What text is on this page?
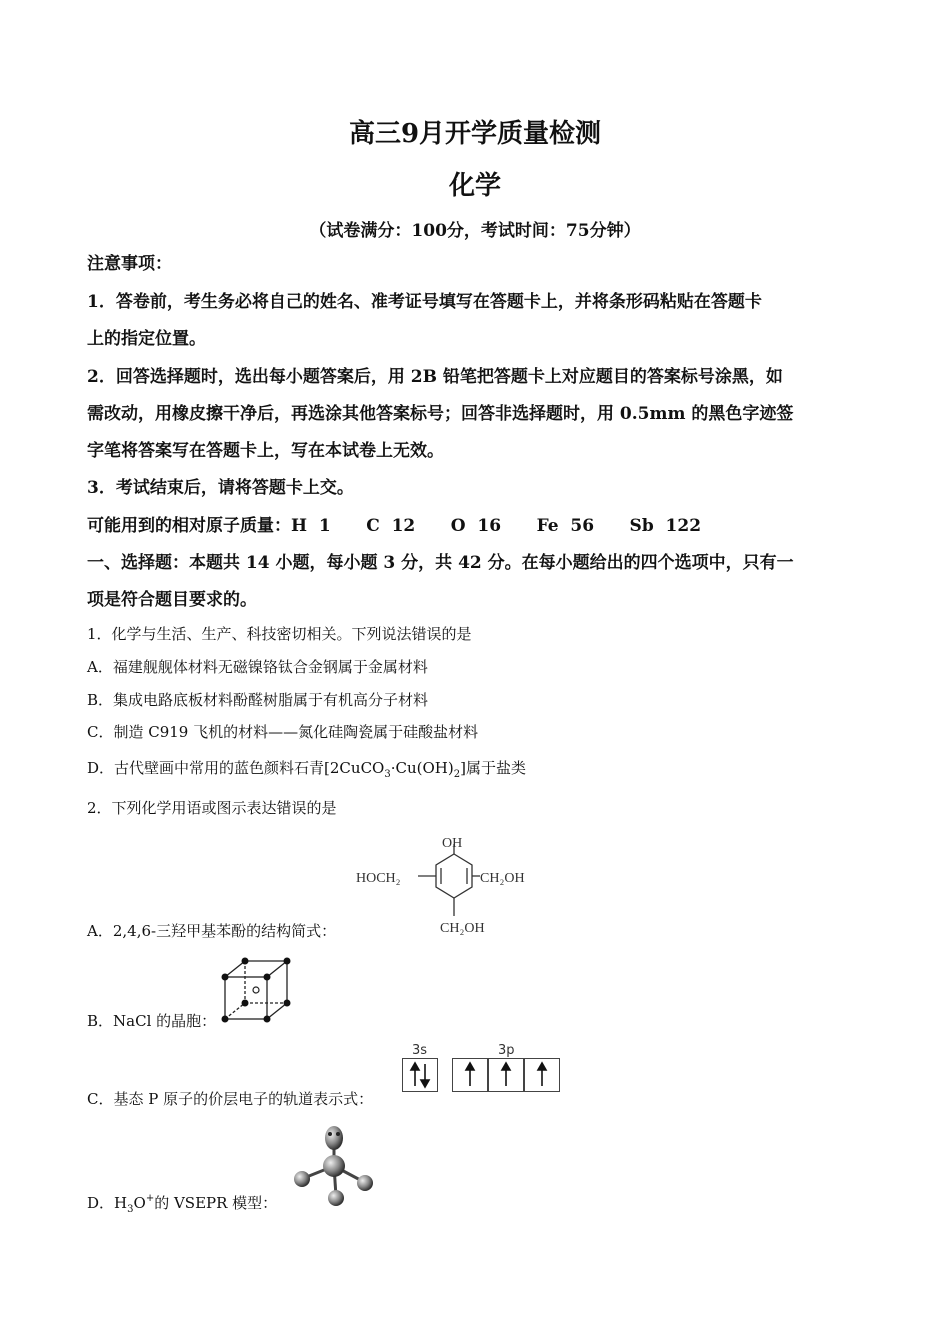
高三9月开学质量检测
化学
（试卷满分：100分，考试时间：75分钟）
注意事项：
1．答卷前，考生务必将自己的姓名、准考证号填写在答题卡上，并将条形码粘贴在答题卡
上的指定位置。
2．回答选择题时，选出每小题答案后，用 2B 铅笔把答题卡上对应题目的答案标号涂黑，如
需改动，用橡皮擦干净后，再选涂其他答案标号；回答非选择题时，用 0.5mm 的黑色字迹签
字笔将答案写在答题卡上，写在本试卷上无效。
3．考试结束后，请将答题卡上交。
可能用到的相对原子质量：H  1      C  12      O  16      Fe  56      Sb  122
一、选择题：本题共 14 小题，每小题 3 分，共 42 分。在每小题给出的四个选项中，只有一
项是符合题目要求的。
1．化学与生活、生产、科技密切相关。下列说法错误的是
A．福建舰舰体材料无磁镍铬钛合金钢属于金属材料
B．集成电路底板材料酚醛树脂属于有机高分子材料
C．制造 C919 飞机的材料——氮化硅陶瓷属于硅酸盐材料
D．古代壁画中常用的蓝色颜料石青$[2CuCO_3\cdot Cu(OH)_2]$属于盐类
2．下列化学用语或图示表达错误的是
A．2,4,6-三羟甲基苯酚的结构简式：
OH
HOCH₂	CH₂OH
CH₂OH
B．NaCl 的晶胞：
C．基态 P 原子的价层电子的轨道表示式：
3s	3p
D．$H_3O^+$的 VSEPR 模型：
